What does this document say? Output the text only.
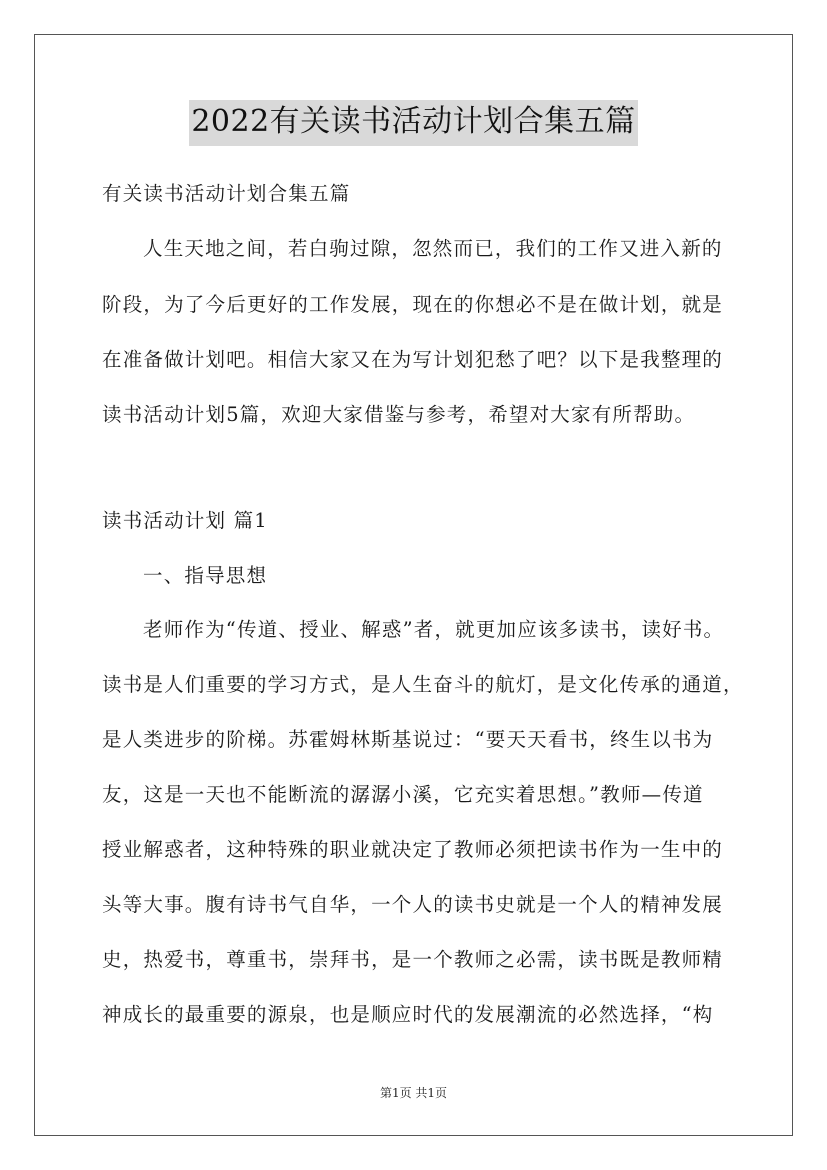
2022有关读书活动计划合集五篇
有关读书活动计划合集五篇
人生天地之间，若白驹过隙，忽然而已，我们的工作又进入新的
阶段，为了今后更好的工作发展，现在的你想必不是在做计划，就是
在准备做计划吧。相信大家又在为写计划犯愁了吧？以下是我整理的
读书活动计划5篇，欢迎大家借鉴与参考，希望对大家有所帮助。
读书活动计划 篇1
一、指导思想
老师作为“传道、授业、解惑”者，就更加应该多读书，读好书。
读书是人们重要的学习方式，是人生奋斗的航灯，是文化传承的通道，
是人类进步的阶梯。苏霍姆林斯基说过：“要天天看书，终生以书为
友，这是一天也不能断流的潺潺小溪，它充实着思想。”教师—传道
授业解惑者，这种特殊的职业就决定了教师必须把读书作为一生中的
头等大事。腹有诗书气自华，一个人的读书史就是一个人的精神发展
史，热爱书，尊重书，崇拜书，是一个教师之必需，读书既是教师精
神成长的最重要的源泉，也是顺应时代的发展潮流的必然选择，“构
第1页 共1页
